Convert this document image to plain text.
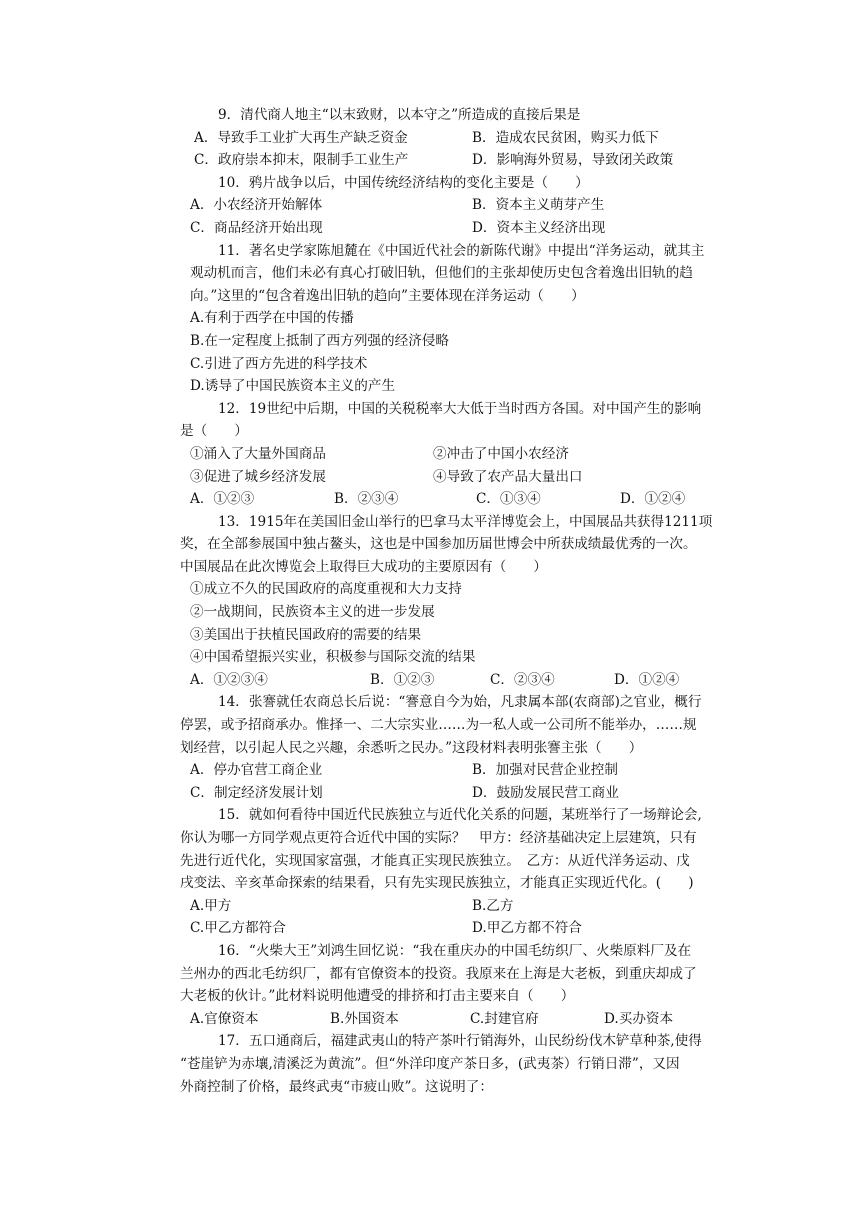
9．清代商人地主“以末致财，以本守之”所造成的直接后果是
A．导致手工业扩大再生产缺乏资金	B．造成农民贫困，购买力低下
C．政府崇本抑末，限制手工业生产	D．影响海外贸易，导致闭关政策
10．鸦片战争以后，中国传统经济结构的变化主要是（　　）
A．小农经济开始解体	B．资本主义萌芽产生
C．商品经济开始出现	D．资本主义经济出现
11．著名史学家陈旭麓在《中国近代社会的新陈代谢》中提出“洋务运动，就其主
观动机而言，他们未必有真心打破旧轨，但他们的主张却使历史包含着逸出旧轨的趋
向。”这里的“包含着逸出旧轨的趋向”主要体现在洋务运动（　　）
A.有利于西学在中国的传播
B.在一定程度上抵制了西方列强的经济侵略
C.引进了西方先进的科学技术
D.诱导了中国民族资本主义的产生
12．19世纪中后期，中国的关税税率大大低于当时西方各国。对中国产生的影响
是（　　）
①涌入了大量外国商品	②冲击了中国小农经济
③促进了城乡经济发展	④导致了农产品大量出口
A．①②③	B．②③④	C．①③④	D．①②④
13．1915年在美国旧金山举行的巴拿马太平洋博览会上，中国展品共获得1211项
奖，在全部参展国中独占鳌头，这也是中国参加历届世博会中所获成绩最优秀的一次。
中国展品在此次博览会上取得巨大成功的主要原因有（　　）
①成立不久的民国政府的高度重视和大力支持
②一战期间，民族资本主义的进一步发展
③美国出于扶植民国政府的需要的结果
④中国希望振兴实业，积极参与国际交流的结果
A．①②③④	B．①②③	C．②③④	D．①②④
14．张謇就任农商总长后说：“謇意自今为始，凡隶属本部(农商部)之官业，概行
停罢，或予招商承办。惟择一、二大宗实业……为一私人或一公司所不能举办，……规
划经营，以引起人民之兴趣，余悉听之民办。”这段材料表明张謇主张（　　）
A．停办官营工商企业	B．加强对民营企业控制
C．制定经济发展计划	D．鼓励发展民营工商业
15．就如何看待中国近代民族独立与近代化关系的问题，某班举行了一场辩论会,
你认为哪一方同学观点更符合近代中国的实际？　甲方：经济基础决定上层建筑，只有
先进行近代化，实现国家富强，才能真正实现民族独立。　乙方：从近代洋务运动、戊
戌变法、辛亥革命探索的结果看，只有先实现民族独立，才能真正实现近代化。(　　)
A.甲方	B.乙方
C.甲乙方都符合	D.甲乙方都不符合
16．“火柴大王”刘鸿生回忆说：“我在重庆办的中国毛纺织厂、火柴原料厂及在
兰州办的西北毛纺织厂，都有官僚资本的投资。我原来在上海是大老板，到重庆却成了
大老板的伙计。”此材料说明他遭受的排挤和打击主要来自（　　）
A.官僚资本	B.外国资本	C.封建官府	D.买办资本
17．五口通商后，福建武夷山的特产茶叶行销海外，山民纷纷伐木铲草种茶,使得
“苍崖铲为赤壤,清溪泛为黄流”。但“外洋印度产茶日多，(武夷茶）行销日滞”，又因
外商控制了价格，最终武夷“市疲山败”。这说明了：
